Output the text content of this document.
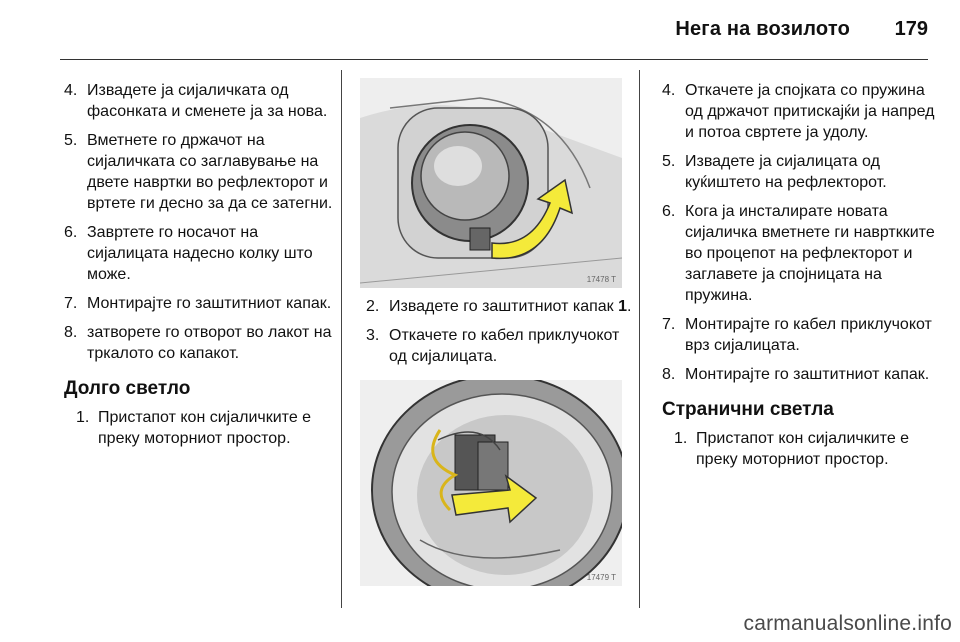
Нега на возилото	179
4. Извадете ја сијаличката од фасонката и сменете ја за нова.
5. Вметнете го држачот на сијаличката со заглавување на двете навртки во рефлекторот и вртете ги десно за да се затегни.
6. Завртете го носачот на сијалицата надесно колку што може.
7. Монтирајте го заштитниот капак.
8. затворете го отворот во лакот на тркалото со капакот.
Долго светло
1. Пристапот кон сијаличките е преку моторниот простор.
17478 T
2. Извадете го заштитниот капак 1.
3. Откачете го кабел приклучокот од сијалицата.
17479 T
4. Откачете ја спојката со пружина од држачот притискајќи ја напред и потоа свртете ја удолу.
5. Извадете ја сијалицата од куќиштето на рефлекторот.
6. Кога ја инсталирате новата сијаличка вметнете ги наврткките во процепот на рефлекторот и заглавете ја спојницата на пружина.
7. Монтирајте го кабел приклучокот врз сијалицата.
8. Монтирајте го заштитниот капак.
Странични светла
1. Пристапот кон сијаличките е преку моторниот простор.
carmanualsonline.info
